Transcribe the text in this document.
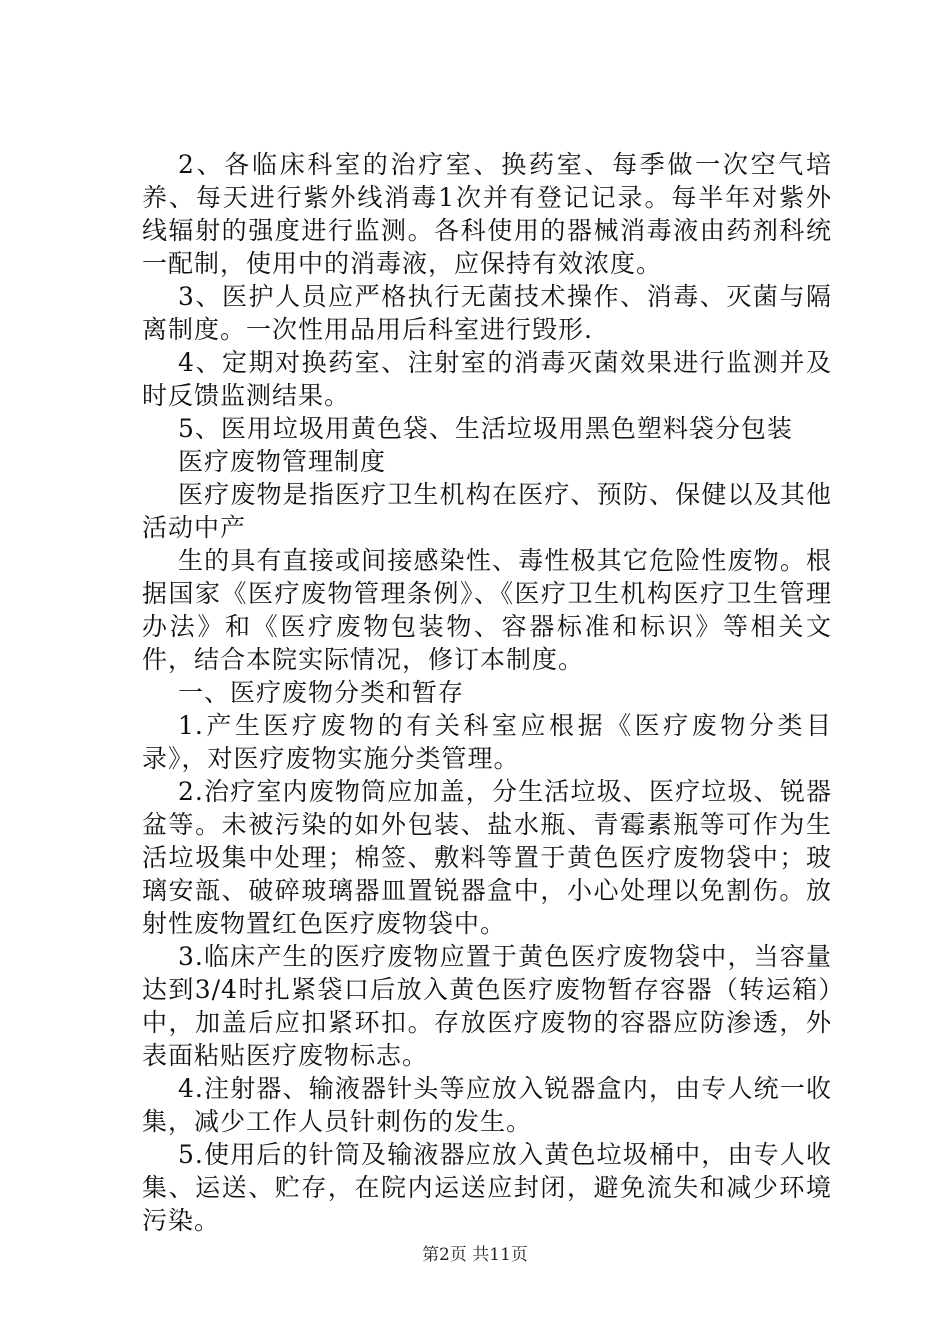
2、各临床科室的治疗室、换药室、每季做一次空气培养、每天进行紫外线消毒1次并有登记记录。每半年对紫外线辐射的强度进行监测。各科使用的器械消毒液由药剂科统一配制，使用中的消毒液，应保持有效浓度。

3、医护人员应严格执行无菌技术操作、消毒、灭菌与隔离制度。一次性用品用后科室进行毁形.

4、定期对换药室、注射室的消毒灭菌效果进行监测并及时反馈监测结果。

5、医用垃圾用黄色袋、生活垃圾用黑色塑料袋分包装

医疗废物管理制度

医疗废物是指医疗卫生机构在医疗、预防、保健以及其他活动中产

生的具有直接或间接感染性、毒性极其它危险性废物。根据国家《医疗废物管理条例》、《医疗卫生机构医疗卫生管理办法》和《医疗废物包装物、容器标准和标识》等相关文件，结合本院实际情况，修订本制度。

一、医疗废物分类和暂存

1.产生医疗废物的有关科室应根据《医疗废物分类目录》，对医疗废物实施分类管理。

2.治疗室内废物筒应加盖，分生活垃圾、医疗垃圾、锐器盆等。未被污染的如外包装、盐水瓶、青霉素瓶等可作为生活垃圾集中处理；棉签、敷料等置于黄色医疗废物袋中；玻璃安瓿、破碎玻璃器皿置锐器盒中，小心处理以免割伤。放射性废物置红色医疗废物袋中。

3.临床产生的医疗废物应置于黄色医疗废物袋中，当容量达到3/4时扎紧袋口后放入黄色医疗废物暂存容器（转运箱）中，加盖后应扣紧环扣。存放医疗废物的容器应防渗透，外表面粘贴医疗废物标志。

4.注射器、输液器针头等应放入锐器盒内，由专人统一收集，减少工作人员针刺伤的发生。

5.使用后的针筒及输液器应放入黄色垃圾桶中，由专人收集、运送、贮存，在院内运送应封闭，避免流失和减少环境污染。

第2页 共11页
